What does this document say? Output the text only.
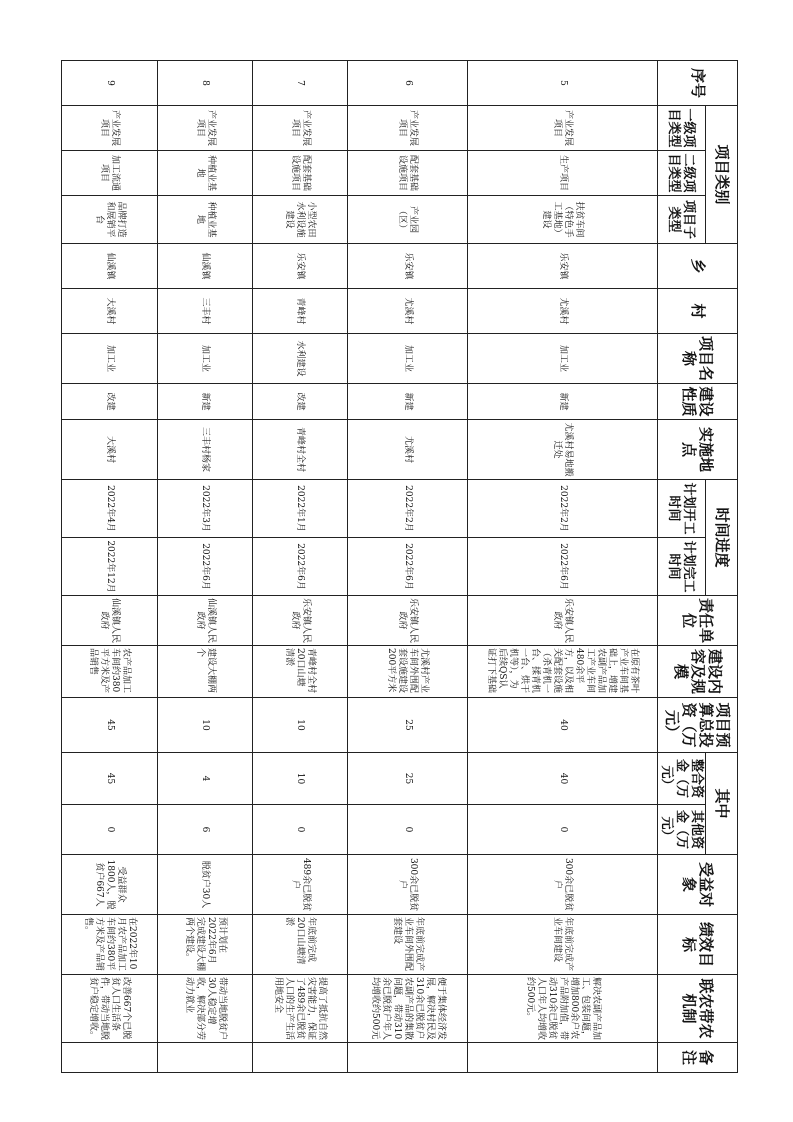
序号	项目类别			乡	村	项目名称	建设性质	实施地点	时间进度		责任单位	建设内容及规模	项目预算总投资（万元）	其中		受益对象	绩效目标	联农带农机制	备注
	一级项目类型	二级项目类型	项目子类型						计划开工时间	计划完工时间				整合资金（万元）	其他资金（万元）				
5	产业发展项目	生产项目	扶贫车间（特色手工基地）建设	乐安镇	尤溪村	加工业	新建	尤溪村易地搬迁处	2022年2月	2022年6月	乐安镇人民政府	在原有茶叶产业车间基础上，增建农副产品加工产业车间480余平方，以及相关配套设施（杀青机一台、揉青机一台、烘干机等），为后续QS认证打下基础	40	40	0	300余已脱贫户	年底前完成产业车间建设	解决农副产品加工、包装问题，增加800余户农产品附加值，带动310余已脱贫人口年人均增收约500元。	
6	产业发展项目	配套基础设施项目	产业园（区）	乐安镇	尤溪村	加工业	新建	尤溪村	2022年2月	2022年6月	乐安镇人民政府	尤溪村产业车间外围配套设施建设200平方米	25	25	0	300余已脱贫户	年底前完成产业车间外围配套建设	便于集体经济发展，解决村民及310余已脱贫户农副产品的集散问题，带动310余已脱贫户年人均增收约500元	
7	产业发展项目	配套基础设施项目	小型农田水利设施建设	乐安镇	青峰村	水利建设	改建	青峰村全村	2022年1月	2022年6月	乐安镇人民政府	青峰村全村20口山塘清淤	10	10	0	489余已脱贫户	年底前完成20口山塘清淤	提高了抵抗自然灾害能力，保证了489余已脱贫人口的生产生活用地安全	
8	产业发展项目	种植业基地	种植业基地	仙溪镇	三丰村	加工业	新建	三丰村杨家	2022年3月	2022年6月	仙溪镇人民政府	建设大棚两个	10	4	6	脱贫户30人	预计划在2022年6月完成建设大棚两个建设。	带动当地脱贫户30人稳定增收，解决部分劳动力就业	
9	产业发展项目	加工流通项目	品牌打造和展销平台	仙溪镇	大溪村	加工业	改建	大溪村	2022年4月	2022年12月	仙溪镇人民政府	农产品加工车间约380平方米及产品销售	45	45	0	受益群众1800人，脱贫户667人	在2022年10月农产品加工车间约380平方米及产品销售。	改善667个已脱贫人口生活条件，带动当地脱贫户稳定增收。	
